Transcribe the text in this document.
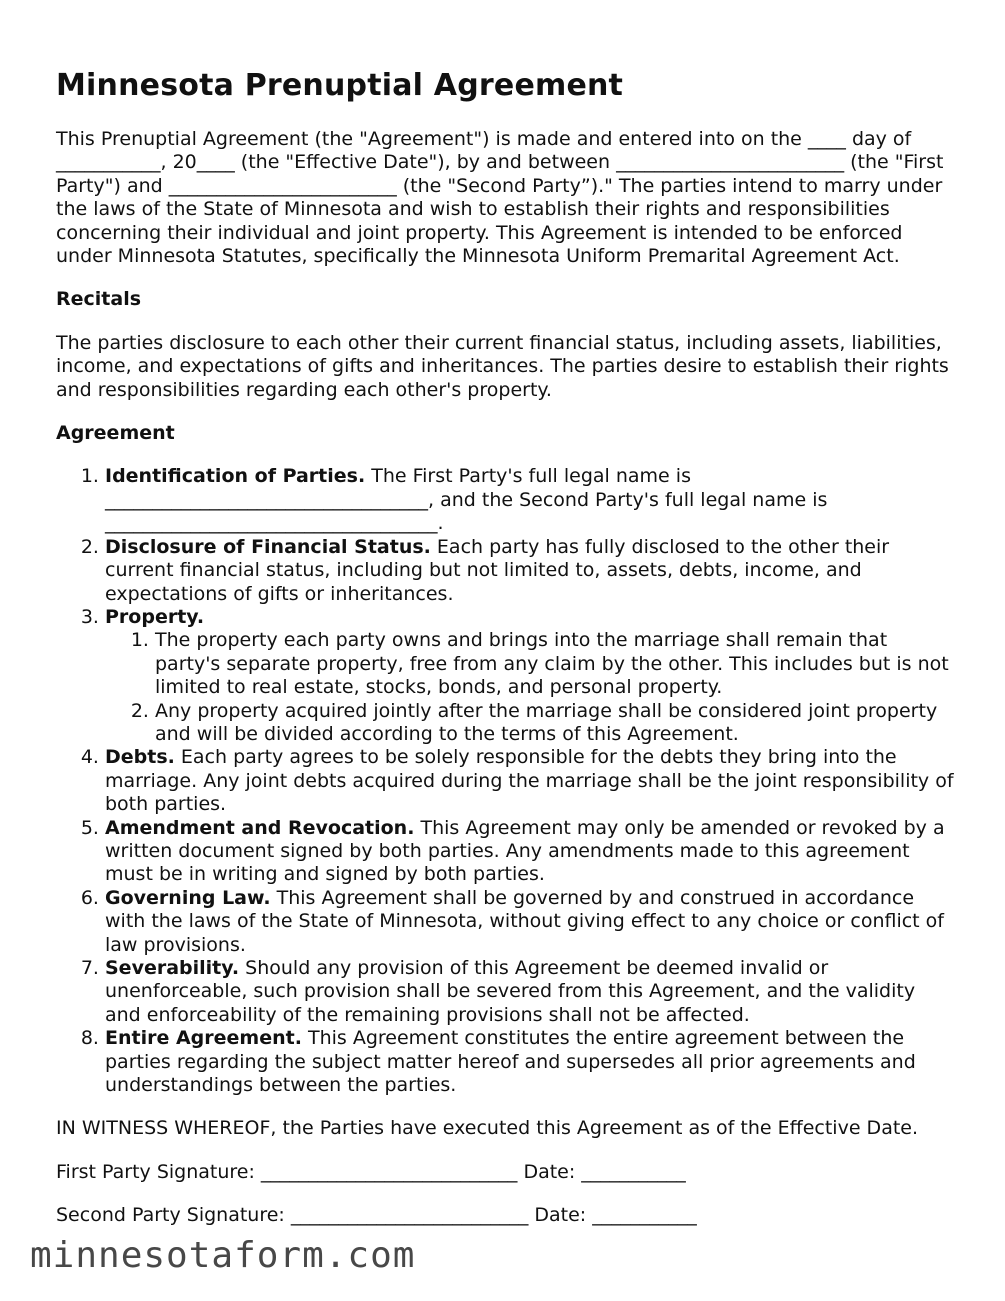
Minnesota Prenuptial Agreement

This Prenuptial Agreement (the "Agreement") is made and entered into on the ____ day of ___________, 20____ (the "Effective Date"), by and between ________________________ (the "First Party") and ________________________ (the "Second Party”)." The parties intend to marry under the laws of the State of Minnesota and wish to establish their rights and responsibilities concerning their individual and joint property. This Agreement is intended to be enforced under Minnesota Statutes, specifically the Minnesota Uniform Premarital Agreement Act.

Recitals

The parties disclosure to each other their current financial status, including assets, liabilities, income, and expectations of gifts and inheritances. The parties desire to establish their rights and responsibilities regarding each other's property.

Agreement
1. Identification of Parties. The First Party's full legal name is __________________________________, and the Second Party's full legal name is ___________________________________.
2. Disclosure of Financial Status. Each party has fully disclosed to the other their current financial status, including but not limited to, assets, debts, income, and expectations of gifts or inheritances.
3. Property.
1. The property each party owns and brings into the marriage shall remain that party's separate property, free from any claim by the other. This includes but is not limited to real estate, stocks, bonds, and personal property.
2. Any property acquired jointly after the marriage shall be considered joint property and will be divided according to the terms of this Agreement.
4. Debts. Each party agrees to be solely responsible for the debts they bring into the marriage. Any joint debts acquired during the marriage shall be the joint responsibility of both parties.
5. Amendment and Revocation. This Agreement may only be amended or revoked by a written document signed by both parties. Any amendments made to this agreement must be in writing and signed by both parties.
6. Governing Law. This Agreement shall be governed by and construed in accordance with the laws of the State of Minnesota, without giving effect to any choice or conflict of law provisions.
7. Severability. Should any provision of this Agreement be deemed invalid or unenforceable, such provision shall be severed from this Agreement, and the validity and enforceability of the remaining provisions shall not be affected.
8. Entire Agreement. This Agreement constitutes the entire agreement between the parties regarding the subject matter hereof and supersedes all prior agreements and understandings between the parties.

IN WITNESS WHEREOF, the Parties have executed this Agreement as of the Effective Date.

First Party Signature: ___________________________ Date: ___________

Second Party Signature: _________________________ Date: ___________

minnesotaform.com
